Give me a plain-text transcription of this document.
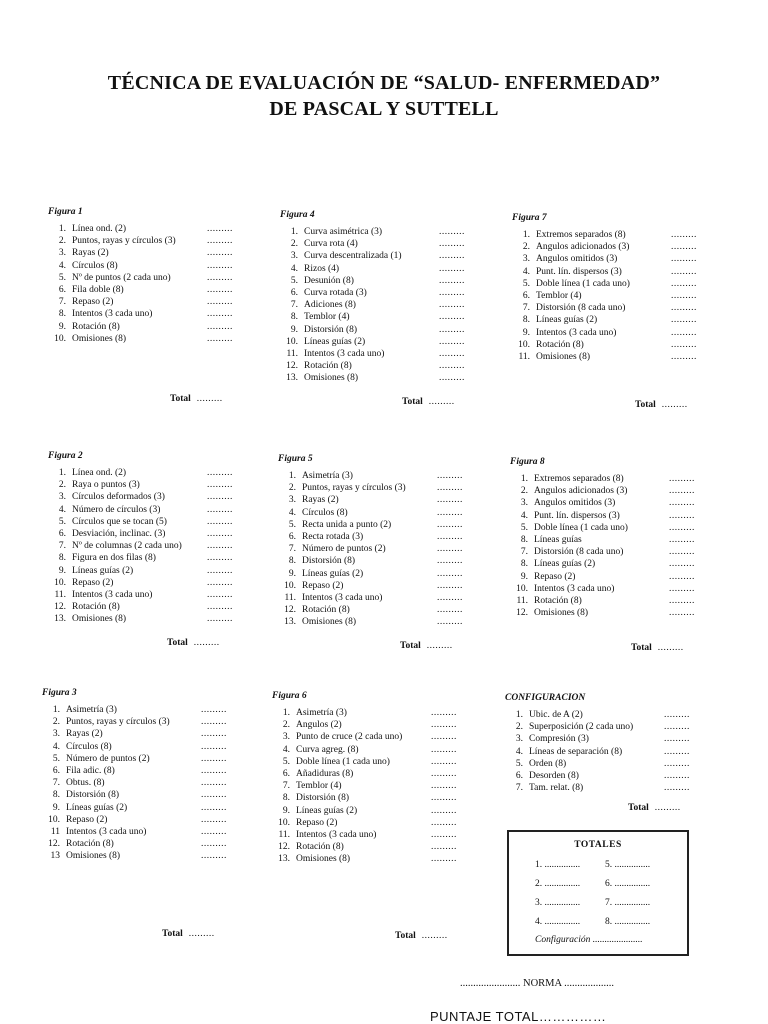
TÉCNICA DE EVALUACIÓN DE “SALUD- ENFERMEDAD”
DE PASCAL Y SUTTELL
Figura 1
1. Línea ond. (2)	.........
2. Puntos, rayas y círculos (3)	.........
3. Rayas (2)	.........
4. Círculos (8)	.........
5. Nº de puntos (2 cada uno)	.........
6. Fila doble (8)	.........
7. Repaso (2)	.........
8. Intentos (3 cada uno)	.........
9. Rotación (8)	.........
10. Omisiones (8)	.........
Figura 4
1. Curva asimétrica (3)	.........
2. Curva rota (4)	.........
3. Curva descentralizada (1)	.........
4. Rizos (4)	.........
5. Desunión (8)	.........
6. Curva rotada (3)	.........
7. Adiciones (8)	.........
8. Temblor (4)	.........
9. Distorsión (8)	.........
10. Líneas guías (2)	.........
11. Intentos (3 cada uno)	.........
12. Rotación (8)	.........
13. Omisiones (8)	.........
Figura 7
1. Extremos separados (8)	.........
2. Angulos adicionados (3)	.........
3. Angulos omitidos (3)	.........
4. Punt. lín. dispersos (3)	.........
5. Doble línea (1 cada uno)	.........
6. Temblor (4)	.........
7. Distorsión (8 cada uno)	.........
8. Líneas guías (2)	.........
9. Intentos (3 cada uno)	.........
10. Rotación (8)	.........
11. Omisiones (8)	.........
Figura 2
1. Línea ond. (2)	.........
2. Raya o puntos (3)	.........
3. Círculos deformados (3)	.........
4. Número de círculos (3)	.........
5. Círculos que se tocan (5)	.........
6. Desviación, inclinac. (3)	.........
7. Nº de columnas (2 cada uno)	.........
8. Figura en dos filas (8)	.........
9. Líneas guías (2)	.........
10. Repaso (2)	.........
11. Intentos (3 cada uno)	.........
12. Rotación (8)	.........
13. Omisiones (8)	.........
Figura 5
1. Asimetría (3)	.........
2. Puntos, rayas y círculos (3)	.........
3. Rayas (2)	.........
4. Círculos (8)	.........
5. Recta unida a punto (2)	.........
6. Recta rotada (3)	.........
7. Número de puntos (2)	.........
8. Distorsión (8)	.........
9. Líneas guías (2)	.........
10. Repaso (2)	.........
11. Intentos (3 cada uno)	.........
12. Rotación (8)	.........
13. Omisiones (8)	.........
Figura 8
1. Extremos separados (8)	.........
2. Angulos adicionados (3)	.........
3. Angulos omitidos (3)	.........
4. Punt. lín. dispersos (3)	.........
5. Doble línea (1 cada uno)	.........
8. Líneas guías	.........
7. Distorsión (8 cada uno)	.........
8. Líneas guías (2)	.........
9. Repaso (2)	.........
10. Intentos (3 cada uno)	.........
11. Rotación (8)	.........
12. Omisiones (8)	.........
Figura 3
1. Asimetría (3)	.........
2. Puntos, rayas y círculos (3)	.........
3. Rayas (2)	.........
4. Círculos (8)	.........
5. Número de puntos (2)	.........
6. Fila adic. (8)	.........
7. Obtus. (8)	.........
8. Distorsión (8)	.........
9. Líneas guías (2)	.........
10. Repaso (2)	.........
11 Intentos (3 cada uno)	.........
12. Rotación (8)	.........
13 Omisiones (8)	.........
Figura 6
1. Asimetría (3)	.........
2. Angulos (2)	.........
3. Punto de cruce (2 cada uno)	.........
4. Curva agreg. (8)	.........
5. Doble línea (1 cada uno)	.........
6. Añadiduras (8)	.........
7. Temblor (4)	.........
8. Distorsión (8)	.........
9. Líneas guías (2)	.........
10. Repaso (2)	.........
11. Intentos (3 cada uno)	.........
12. Rotación (8)	.........
13. Omisiones (8)	.........
CONFIGURACION
1. Ubic. de A (2)	.........
2. Superposición (2 cada uno)	.........
3. Compresión (3)	.........
4. Líneas de separación (8)	.........
5. Orden (8)	.........
6. Desorden (8)	.........
7. Tam. relat. (8)	.........
Total .........	Total .........	Total .........
Total .........	Total .........	Total .........
Total .........	Total .........
Total .........
TOTALES
1. ...............	5. ...............
2. ...............	6. ...............
3. ...............	7. ...............
4. ...............	8. ...............
Configuración .....................
....................... NORMA ...................
PUNTAJE TOTAL……………
